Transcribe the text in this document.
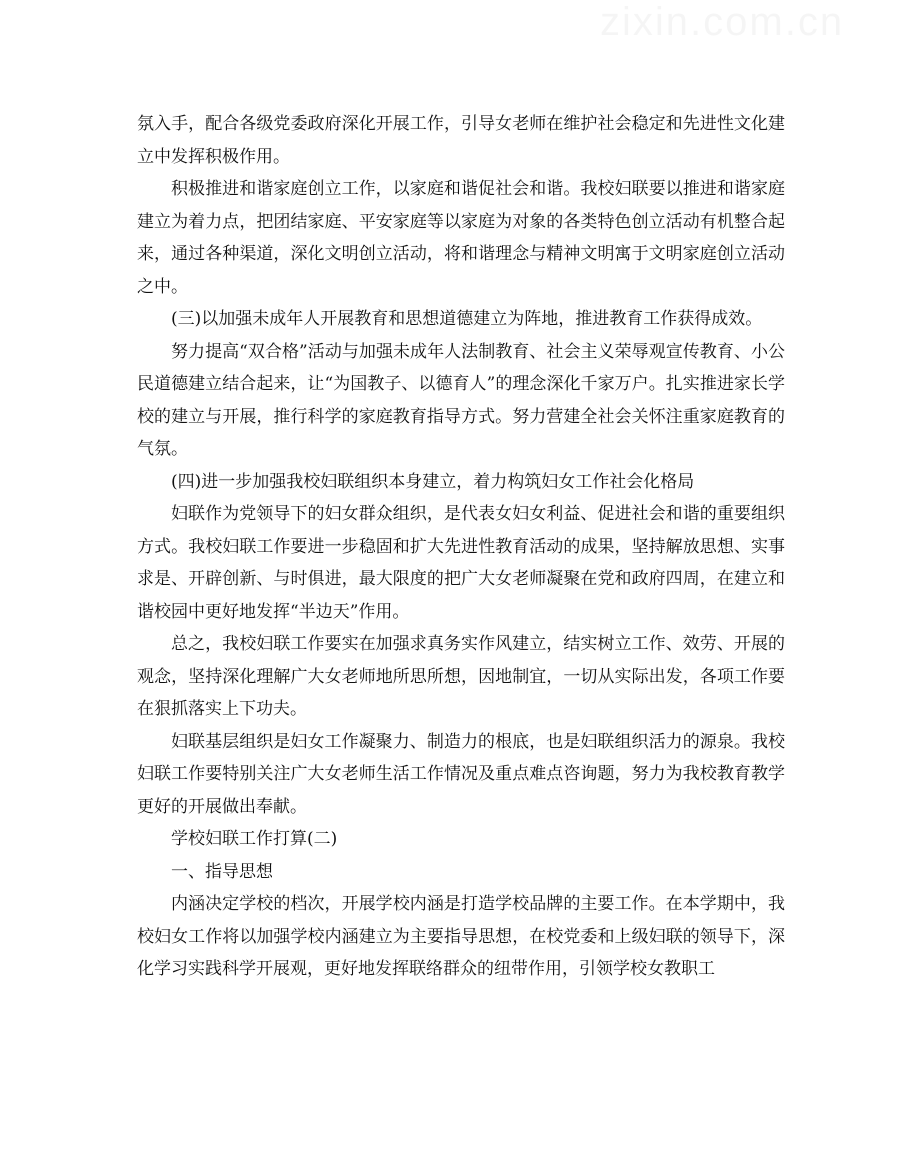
氛入手，配合各级党委政府深化开展工作，引导女老师在维护社会稳定和先进性文化建立中发挥积极作用。

积极推进和谐家庭创立工作，以家庭和谐促社会和谐。我校妇联要以推进和谐家庭建立为着力点，把团结家庭、平安家庭等以家庭为对象的各类特色创立活动有机整合起来，通过各种渠道，深化文明创立活动，将和谐理念与精神文明寓于文明家庭创立活动之中。

(三)以加强未成年人开展教育和思想道德建立为阵地，推进教育工作获得成效。

努力提高“双合格”活动与加强未成年人法制教育、社会主义荣辱观宣传教育、小公民道德建立结合起来，让“为国教子、以德育人”的理念深化千家万户。扎实推进家长学校的建立与开展，推行科学的家庭教育指导方式。努力营建全社会关怀注重家庭教育的气氛。

(四)进一步加强我校妇联组织本身建立，着力构筑妇女工作社会化格局

妇联作为党领导下的妇女群众组织，是代表女妇女利益、促进社会和谐的重要组织方式。我校妇联工作要进一步稳固和扩大先进性教育活动的成果，坚持解放思想、实事求是、开辟创新、与时俱进，最大限度的把广大女老师凝聚在党和政府四周，在建立和谐校园中更好地发挥“半边天”作用。

总之，我校妇联工作要实在加强求真务实作风建立，结实树立工作、效劳、开展的观念，坚持深化理解广大女老师地所思所想，因地制宜，一切从实际出发，各项工作要在狠抓落实上下功夫。

妇联基层组织是妇女工作凝聚力、制造力的根底，也是妇联组织活力的源泉。我校妇联工作要特别关注广大女老师生活工作情况及重点难点咨询题，努力为我校教育教学更好的开展做出奉献。

学校妇联工作打算(二)

一、指导思想

内涵决定学校的档次，开展学校内涵是打造学校品牌的主要工作。在本学期中，我校妇女工作将以加强学校内涵建立为主要指导思想，在校党委和上级妇联的领导下，深化学习实践科学开展观，更好地发挥联络群众的纽带作用，引领学校女教职工
